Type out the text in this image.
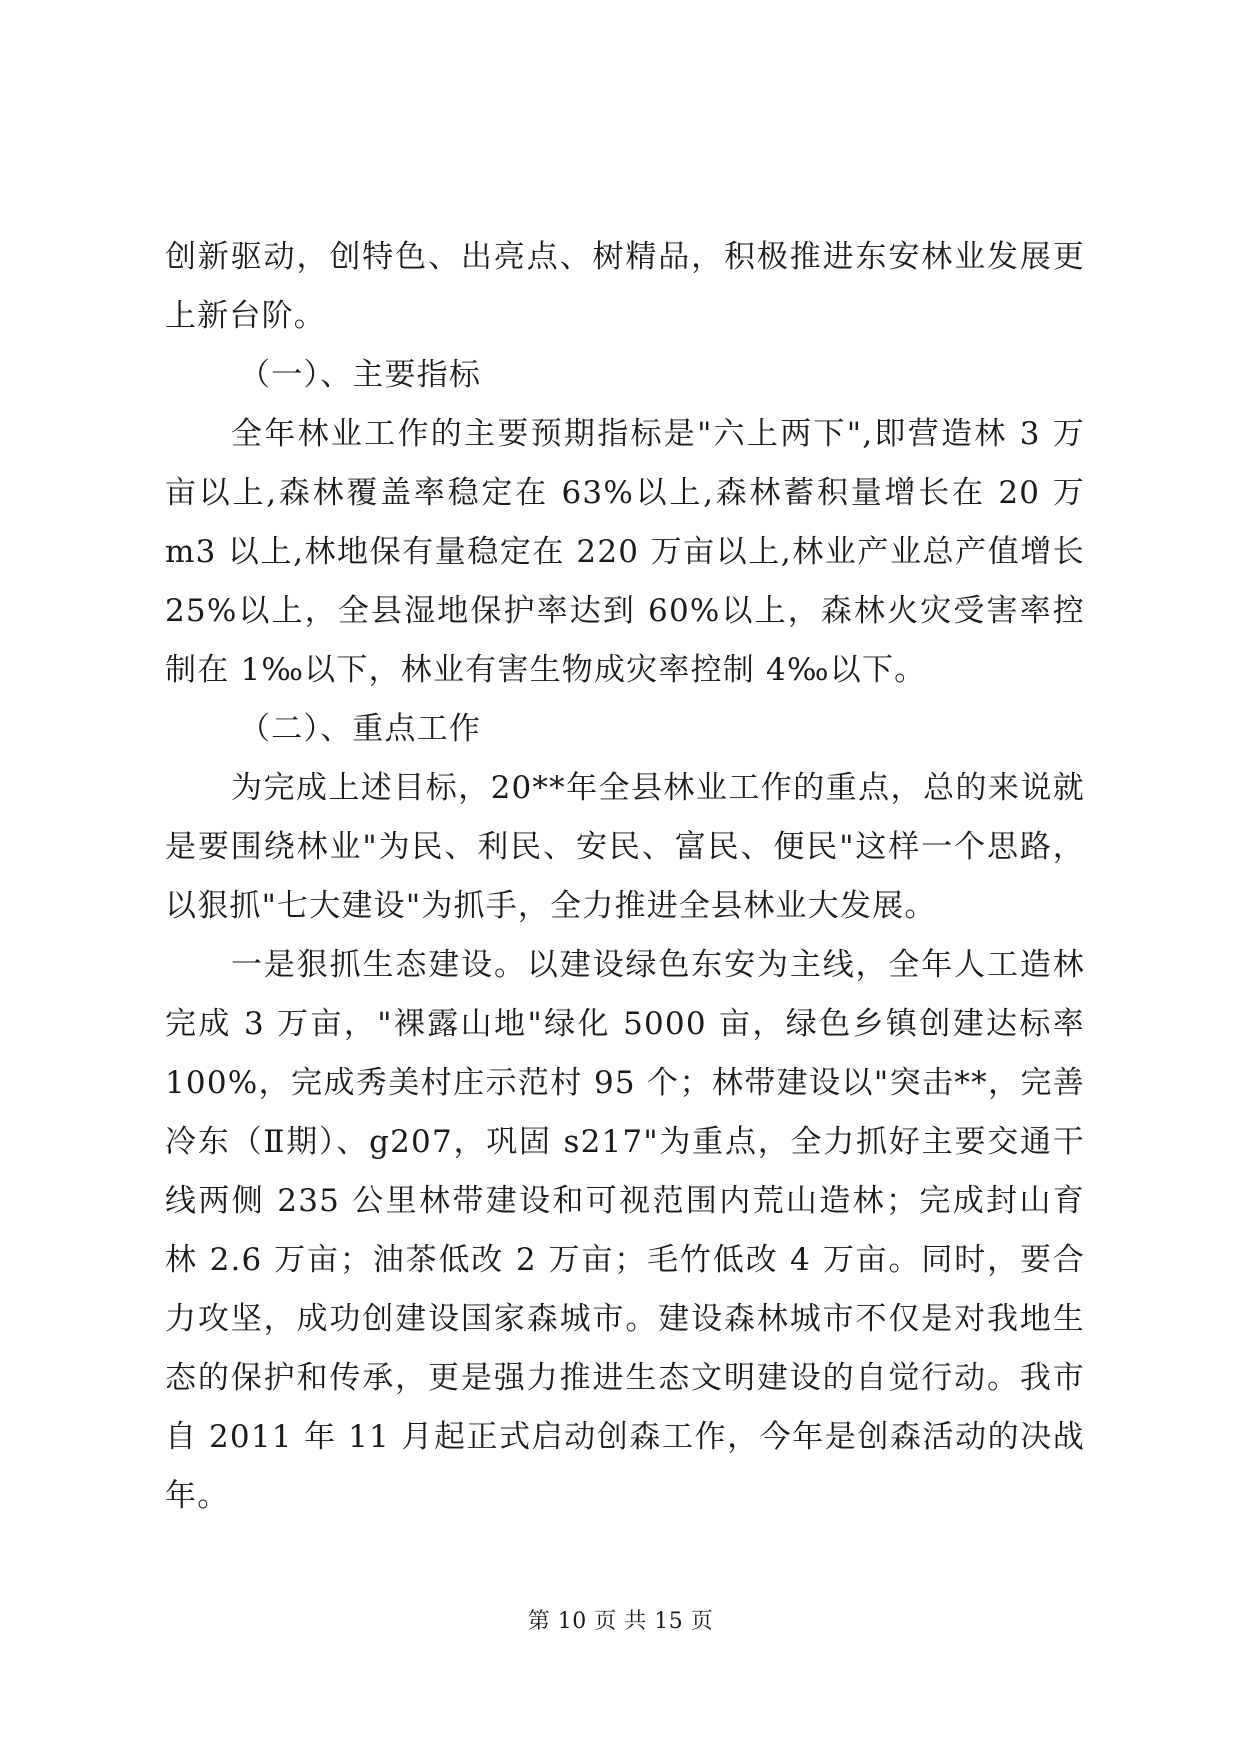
创新驱动，创特色、出亮点、树精品，积极推进东安林业发展更上新台阶。

（一）、主要指标

全年林业工作的主要预期指标是"六上两下",即营造林 3 万亩以上,森林覆盖率稳定在 63%以上,森林蓄积量增长在 20 万 m3 以上,林地保有量稳定在 220 万亩以上,林业产业总产值增长 25%以上，全县湿地保护率达到 60%以上，森林火灾受害率控制在 1‰以下，林业有害生物成灾率控制 4‰以下。

（二）、重点工作

为完成上述目标，20**年全县林业工作的重点，总的来说就是要围绕林业"为民、利民、安民、富民、便民"这样一个思路，以狠抓"七大建设"为抓手，全力推进全县林业大发展。

一是狠抓生态建设。以建设绿色东安为主线，全年人工造林完成 3 万亩，"裸露山地"绿化 5000 亩，绿色乡镇创建达标率 100%，完成秀美村庄示范村 95 个；林带建设以"突击**，完善冷东（Ⅱ期）、g207，巩固 s217"为重点，全力抓好主要交通干线两侧 235 公里林带建设和可视范围内荒山造林；完成封山育林 2.6 万亩；油茶低改 2 万亩；毛竹低改 4 万亩。同时，要合力攻坚，成功创建设国家森城市。建设森林城市不仅是对我地生态的保护和传承，更是强力推进生态文明建设的自觉行动。我市自 2011 年 11 月起正式启动创森工作，今年是创森活动的决战年。

第 10 页 共 15 页
